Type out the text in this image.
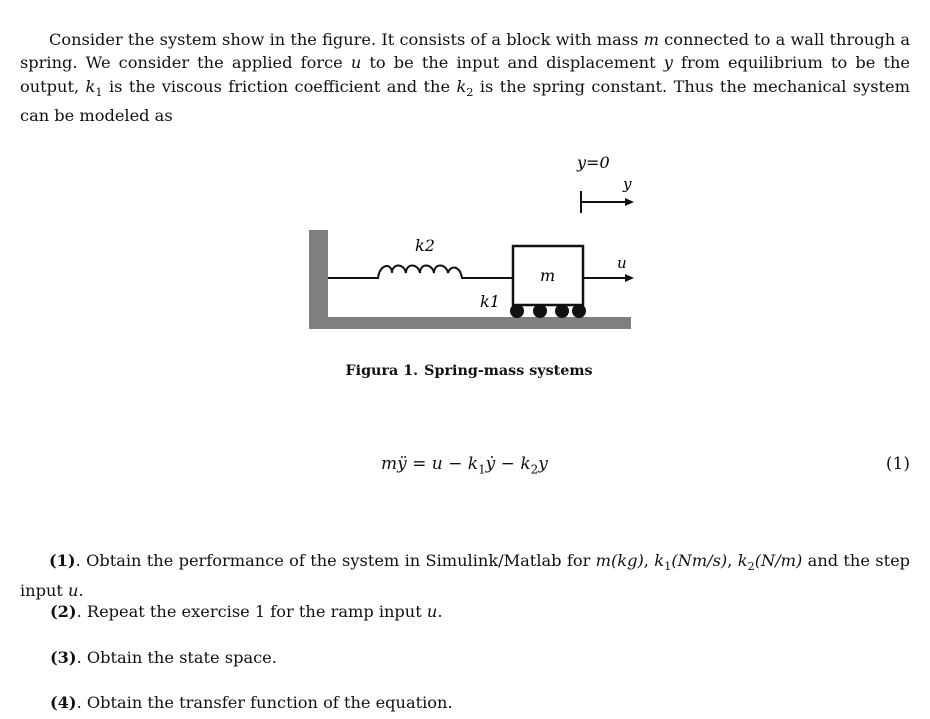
Consider the system show in the figure. It consists of a block with mass m connected to a wall through a spring. We consider the applied force u to be the input and displacement y from equilibrium to be the output, $k_1$ is the viscous friction coefficient and the $k_2$ is the spring constant. Thus the mechanical system can be modeled as

y=0
y
k2
m
u
k1
Figura 1. Spring-mass systems
mÿ = $u - k_1ẏ - k_2y$	(1)

(1). Obtain the performance of the system in Simulink/Matlab for m(kg), $k_1(Nm/s)$, $k_2(N/m)$ and the step input u.

(2). Repeat the exercise 1 for the ramp input u.
(3). Obtain the state space.
(4). Obtain the transfer function of the equation.
